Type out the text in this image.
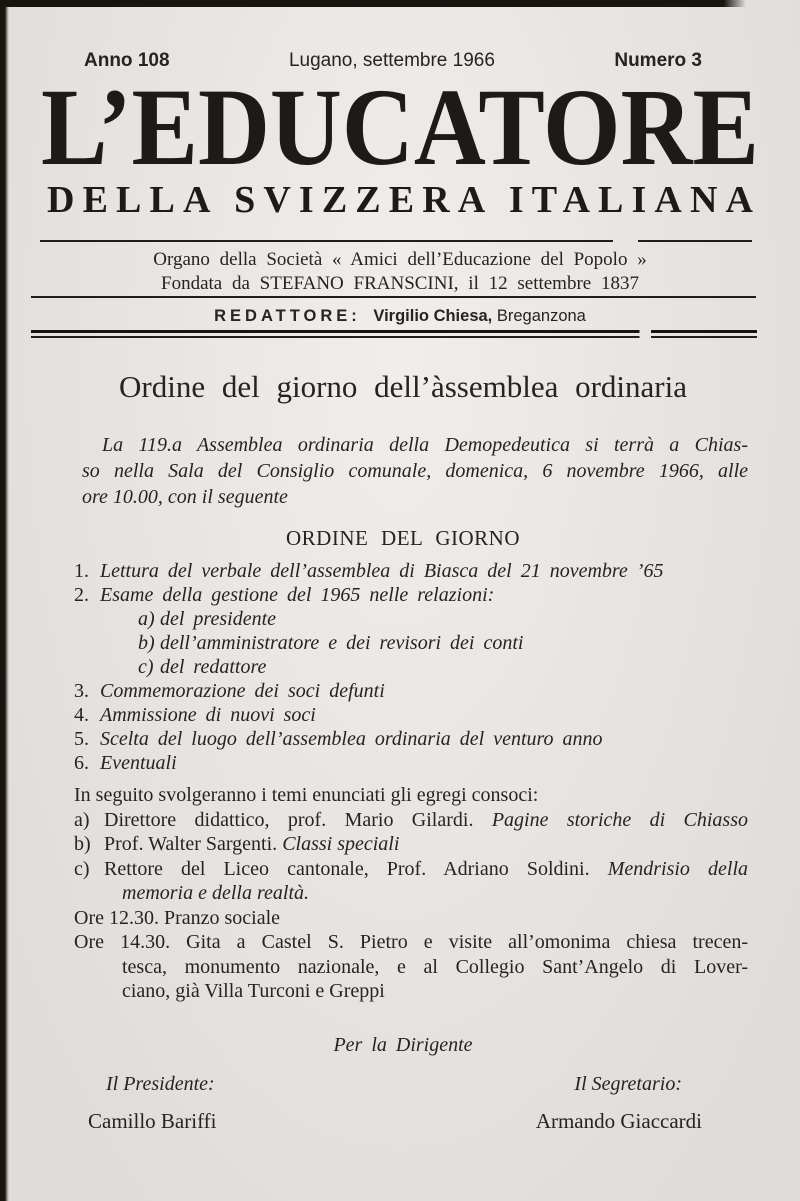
Anno 108	Lugano, settembre 1966	Numero 3
L’EDUCATORE
DELLA SVIZZERA ITALIANA
Organo della Società « Amici dell’Educazione del Popolo »
Fondata da STEFANO FRANSCINI, il 12 settembre 1837
REDATTORE: Virgilio Chiesa, Breganzona
Ordine del giorno dell’àssemblea ordinaria
La 119.a Assemblea ordinaria della Demopedeutica si terrà a Chias-
so nella Sala del Consiglio comunale, domenica, 6 novembre 1966, alle
ore 10.00, con il seguente
ORDINE DEL GIORNO
1. Lettura del verbale dell’assemblea di Biasca del 21 novembre ’65
2. Esame della gestione del 1965 nelle relazioni:
a) del presidente
b) dell’amministratore e dei revisori dei conti
c) del redattore
3. Commemorazione dei soci defunti
4. Ammissione di nuovi soci
5. Scelta del luogo dell’assemblea ordinaria del venturo anno
6. Eventuali
In seguito svolgeranno i temi enunciati gli egregi consoci:
a) Direttore didattico, prof. Mario Gilardi. Pagine storiche di Chiasso
b) Prof. Walter Sargenti. Classi speciali
c) Rettore del Liceo cantonale, Prof. Adriano Soldini. Mendrisio della
memoria e della realtà.
Ore 12.30. Pranzo sociale
Ore 14.30. Gita a Castel S. Pietro e visite all’omonima chiesa trecen-
tesca, monumento nazionale, e al Collegio Sant’Angelo di Lover-
ciano, già Villa Turconi e Greppi
Per la Dirigente
Il Presidente:	Il Segretario:
Camillo Bariffi	Armando Giaccardi
